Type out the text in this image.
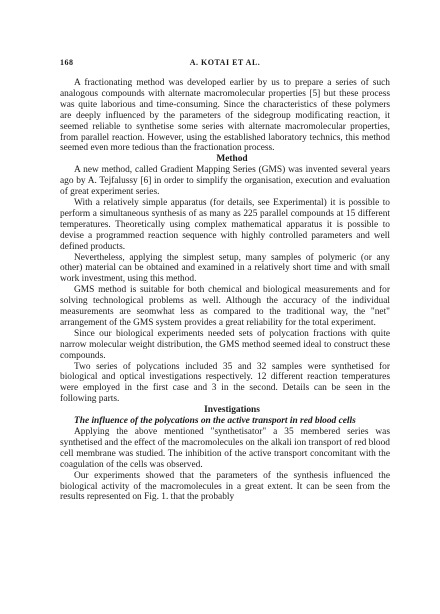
168	A. KOTAI ET AL.

A fractionating method was developed earlier by us to prepare a series of such analogous compounds with alternate macromolecular properties [5] but these process was quite laborious and time-consuming. Since the characteristics of these polymers are deeply influenced by the parameters of the sidegroup modificating reaction, it seemed reliable to synthetise some series with alternate macromolecular properties, from parallel reaction. However, using the established laboratory technics, this method seemed even more tedious than the fractionation process.

Method

A new method, called Gradient Mapping Series (GMS) was invented several years ago by A. Tejfalussy [6] in order to simplify the organisation, execution and evaluation of great experiment series.

With a relatively simple apparatus (for details, see Experimental) it is possible to perform a simultaneous synthesis of as many as 225 parallel compounds at 15 different temperatures. Theoretically using complex mathematical apparatus it is possible to devise a programmed reaction sequence with highly controlled parameters and well defined products.

Nevertheless, applying the simplest setup, many samples of polymeric (or any other) material can be obtained and examined in a relatively short time and with small work investment, using this method.

GMS method is suitable for both chemical and biological measurements and for solving technological problems as well. Although the accuracy of the individual measurements are seomwhat less as compared to the traditional way, the "net" arrangement of the GMS system provides a great reliability for the total experiment.

Since our biological experiments needed sets of polycation fractions with quite narrow molecular weight distribution, the GMS method seemed ideal to construct these compounds.

Two series of polycations included 35 and 32 samples were synthetised for biological and optical investigations respectively. 12 different reaction temperatures were employed in the first case and 3 in the second. Details can be seen in the following parts.

Investigations

The influence of the polycations on the active transport in red blood cells

Applying the above mentioned "synthetisator" a 35 membered series was synthetised and the effect of the macromolecules on the alkali ion transport of red blood cell membrane was studied. The inhibition of the active transport concomitant with the coagulation of the cells was observed.

Our experiments showed that the parameters of the synthesis influenced the biological activity of the macromolecules in a great extent. It can be seen from the results represented on Fig. 1. that the probably
